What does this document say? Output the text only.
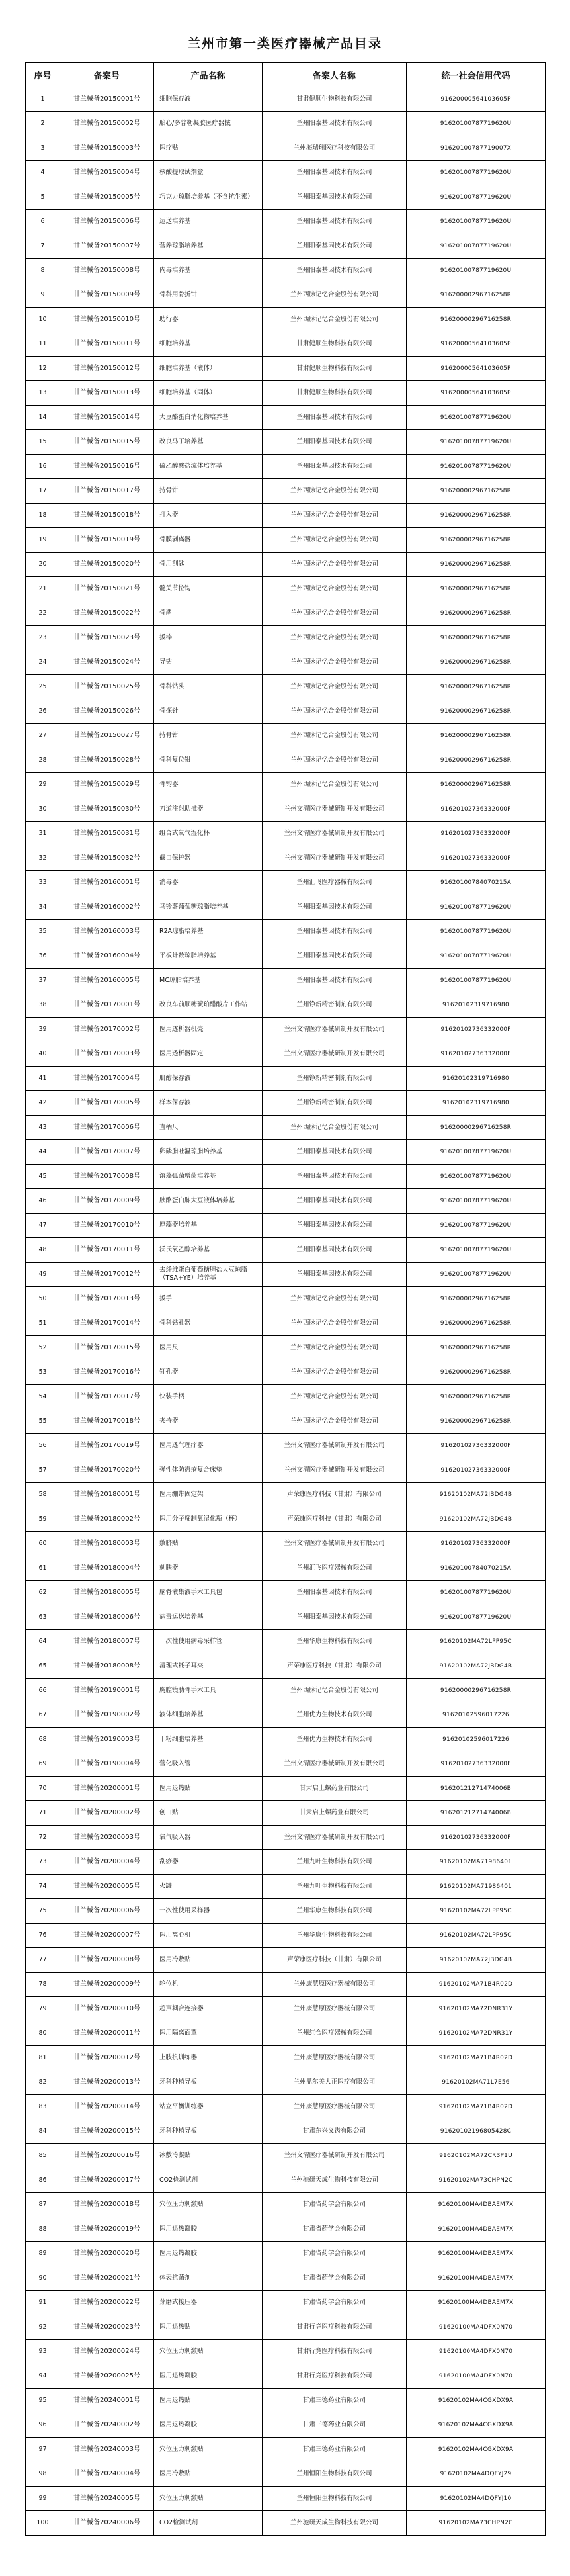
兰州市第一类医疗器械产品目录
序号	备案号	产品名称	备案人名称	统一社会信用代码
1	甘兰械备20150001号	细胞保存液	甘肃健顺生物科技有限公司	91620000564103605P
2	甘兰械备20150002号	胎心/多普勒凝胶医疗器械	兰州阳泰基因技术有限公司	91620100787719620U
3	甘兰械备20150003号	医疗贴	兰州海瑞瑞医疗科技有限公司	91620100787719007X
4	甘兰械备20150004号	核酸提取试剂盒	兰州阳泰基因技术有限公司	91620100787719620U
5	甘兰械备20150005号	巧克力琼脂培养基（不含抗生素）	兰州阳泰基因技术有限公司	91620100787719620U
6	甘兰械备20150006号	运送培养基	兰州阳泰基因技术有限公司	91620100787719620U
7	甘兰械备20150007号	营养琼脂培养基	兰州阳泰基因技术有限公司	91620100787719620U
8	甘兰械备20150008号	内毒培养基	兰州阳泰基因技术有限公司	91620100787719620U
9	甘兰械备20150009号	骨科用骨折钳	兰州西脉记忆合金股份有限公司	91620000296716258R
10	甘兰械备20150010号	助行器	兰州西脉记忆合金股份有限公司	91620000296716258R
11	甘兰械备20150011号	细胞培养基	甘肃健顺生物科技有限公司	91620000564103605P
12	甘兰械备20150012号	细胞培养基（液体）	甘肃健顺生物科技有限公司	91620000564103605P
13	甘兰械备20150013号	细胞培养基（固体）	甘肃健顺生物科技有限公司	91620000564103605P
14	甘兰械备20150014号	大豆酪蛋白消化物培养基	兰州阳泰基因技术有限公司	91620100787719620U
15	甘兰械备20150015号	改良马丁培养基	兰州阳泰基因技术有限公司	91620100787719620U
16	甘兰械备20150016号	硫乙醇酸盐流体培养基	兰州阳泰基因技术有限公司	91620100787719620U
17	甘兰械备20150017号	持骨钳	兰州西脉记忆合金股份有限公司	91620000296716258R
18	甘兰械备20150018号	打入器	兰州西脉记忆合金股份有限公司	91620000296716258R
19	甘兰械备20150019号	骨膜剥离器	兰州西脉记忆合金股份有限公司	91620000296716258R
20	甘兰械备20150020号	骨用刮匙	兰州西脉记忆合金股份有限公司	91620000296716258R
21	甘兰械备20150021号	髓关节拉钩	兰州西脉记忆合金股份有限公司	91620000296716258R
22	甘兰械备20150022号	骨凿	兰州西脉记忆合金股份有限公司	91620000296716258R
23	甘兰械备20150023号	扳棒	兰州西脉记忆合金股份有限公司	91620000296716258R
24	甘兰械备20150024号	导钻	兰州西脉记忆合金股份有限公司	91620000296716258R
25	甘兰械备20150025号	骨科钻头	兰州西脉记忆合金股份有限公司	91620000296716258R
26	甘兰械备20150026号	骨探针	兰州西脉记忆合金股份有限公司	91620000296716258R
27	甘兰械备20150027号	持骨钳	兰州西脉记忆合金股份有限公司	91620000296716258R
28	甘兰械备20150028号	骨科复位钳	兰州西脉记忆合金股份有限公司	91620000296716258R
29	甘兰械备20150029号	骨钩器	兰州西脉记忆合金股份有限公司	91620000296716258R
30	甘兰械备20150030号	刀道注射助推器	兰州文渭医疗器械研制开发有限公司	91620102736332000F
31	甘兰械备20150031号	组合式氧气湿化杯	兰州文渭医疗器械研制开发有限公司	91620102736332000F
32	甘兰械备20150032号	截口保护器	兰州文渭医疗器械研制开发有限公司	91620102736332000F
33	甘兰械备20160001号	消毒器	兰州汇飞医疗器械有限公司	91620100784070215A
34	甘兰械备20160002号	马铃薯葡萄糖琼脂培养基	兰州阳泰基因技术有限公司	91620100787719620U
35	甘兰械备20160003号	R2A琼脂培养基	兰州阳泰基因技术有限公司	91620100787719620U
36	甘兰械备20160004号	平板计数琼脂培养基	兰州阳泰基因技术有限公司	91620100787719620U
37	甘兰械备20160005号	MC琼脂培养基	兰州阳泰基因技术有限公司	91620100787719620U
38	甘兰械备20170001号	改良车前顺糖琥珀醋酸片工作站	兰州铮新精密制剂有限公司	91620102319716980
39	甘兰械备20170002号	医用透析器机壳	兰州文渭医疗器械研制开发有限公司	91620102736332000F
40	甘兰械备20170003号	医用透析器固定	兰州文渭医疗器械研制开发有限公司	91620102736332000F
41	甘兰械备20170004号	肌醇保存液	兰州铮新精密制剂有限公司	91620102319716980
42	甘兰械备20170005号	样本保存液	兰州铮新精密制剂有限公司	91620102319716980
43	甘兰械备20170006号	直柄尺	兰州西脉记忆合金股份有限公司	91620000296716258R
44	甘兰械备20170007号	卵磷脂吐温琼脂培养基	兰州阳泰基因技术有限公司	91620100787719620U
45	甘兰械备20170008号	溶藻弧菌增菌培养基	兰州阳泰基因技术有限公司	91620100787719620U
46	甘兰械备20170009号	胰酪蛋白胨大豆液体培养基	兰州阳泰基因技术有限公司	91620100787719620U
47	甘兰械备20170010号	厚藻器培养基	兰州阳泰基因技术有限公司	91620100787719620U
48	甘兰械备20170011号	沃氏氧乙醇培养基	兰州阳泰基因技术有限公司	91620100787719620U
49	甘兰械备20170012号	去纤维蛋白葡萄糖胆盐大豆琼脂（TSA+YE）培养基	兰州阳泰基因技术有限公司	91620100787719620U
50	甘兰械备20170013号	扳手	兰州西脉记忆合金股份有限公司	91620000296716258R
51	甘兰械备20170014号	骨科钻孔器	兰州西脉记忆合金股份有限公司	91620000296716258R
52	甘兰械备20170015号	医用尺	兰州西脉记忆合金股份有限公司	91620000296716258R
53	甘兰械备20170016号	钉孔器	兰州西脉记忆合金股份有限公司	91620000296716258R
54	甘兰械备20170017号	快装手柄	兰州西脉记忆合金股份有限公司	91620000296716258R
55	甘兰械备20170018号	夹持器	兰州西脉记忆合金股份有限公司	91620000296716258R
56	甘兰械备20170019号	医用透气理疗器	兰州文渭医疗器械研制开发有限公司	91620102736332000F
57	甘兰械备20170020号	弹性体防褥疮复合床垫	兰州文渭医疗器械研制开发有限公司	91620102736332000F
58	甘兰械备20180001号	医用绷带固定架	声荣康医疗科技（甘肃）有限公司	91620102MA72JBDG4B
59	甘兰械备20180002号	医用分子筛制氧湿化瓶（杯）	声荣康医疗科技（甘肃）有限公司	91620102MA72JBDG4B
60	甘兰械备20180003号	敷脐贴	兰州文渭医疗器械研制开发有限公司	91620102736332000F
61	甘兰械备20180004号	刺肤器	兰州汇飞医疗器械有限公司	91620100784070215A
62	甘兰械备20180005号	脑脊液集液手术工具包	兰州阳泰基因技术有限公司	91620100787719620U
63	甘兰械备20180006号	病毒运送培养基	兰州阳泰基因技术有限公司	91620100787719620U
64	甘兰械备20180007号	一次性使用病毒采样管	兰州华康生物科技有限公司	91620102MA72LPP95C
65	甘兰械备20180008号	清理式耗子耳夹	声荣康医疗科技（甘肃）有限公司	91620102MA72JBDG4B
66	甘兰械备20190001号	胸腔镜肋骨手术工具	兰州西脉记忆合金股份有限公司	91620000296716258R
67	甘兰械备20190002号	液体细胞培养基	兰州优力生物技术有限公司	91620102596017226
68	甘兰械备20190003号	干粉细胞培养基	兰州优力生物技术有限公司	91620102596017226
69	甘兰械备20190004号	营化吸入管	兰州文渭医疗器械研制开发有限公司	91620102736332000F
70	甘兰械备20200001号	医用退热贴	甘肃启上螺药业有限公司	91620121271474006B
71	甘兰械备20200002号	创口贴	甘肃启上螺药业有限公司	91620121271474006B
72	甘兰械备20200003号	氧气吸入器	兰州文渭医疗器械研制开发有限公司	91620102736332000F
73	甘兰械备20200004号	刮痧器	兰州九叶生物科技有限公司	91620102MA71986401
74	甘兰械备20200005号	火罐	兰州九叶生物科技有限公司	91620102MA71986401
75	甘兰械备20200006号	一次性使用采样器	兰州华康生物科技有限公司	91620102MA72LPP95C
76	甘兰械备20200007号	医用离心机	兰州华康生物科技有限公司	91620102MA72LPP95C
77	甘兰械备20200008号	医用冷敷贴	声荣康医疗科技（甘肃）有限公司	91620102MA72JBDG4B
78	甘兰械备20200009号	轮位机	兰州康慧原医疗器械有限公司	91620102MA71B4R02D
79	甘兰械备20200010号	超声耦合连接器	兰州康慧原医疗器械有限公司	91620102MA72DNR31Y
80	甘兰械备20200011号	医用隔离面罩	兰州红合医疗器械有限公司	91620102MA72DNR31Y
81	甘兰械备20200012号	上肢抗训练器	兰州康慧原医疗器械有限公司	91620102MA71B4R02D
82	甘兰械备20200013号	牙科种植导板	兰州鼎尔美大正医疗有限公司	91620102MA71L7E56
83	甘兰械备20200014号	站立平衡训练器	兰州康慧原医疗器械有限公司	91620102MA71B4R02D
84	甘兰械备20200015号	牙科种植导板	甘肃东兴义齿有限公司	91620102196805428C
85	甘兰械备20200016号	冰敷冷凝贴	兰州文渭医疗器械研制开发有限公司	91620102MA72CR3P1U
86	甘兰械备20200017号	CO2检测试剂	兰州驰研天成生物科技有限公司	91620102MA73CHPN2C
87	甘兰械备20200018号	穴位压力刺激贴	甘肃省药学会有限公司	91620100MA4DBAEM7X
88	甘兰械备20200019号	医用退热凝胶	甘肃省药学会有限公司	91620100MA4DBAEM7X
89	甘兰械备20200020号	医用退热凝胶	甘肃省药学会有限公司	91620100MA4DBAEM7X
90	甘兰械备20200021号	体表抗菌剂	甘肃省药学会有限公司	91620100MA4DBAEM7X
91	甘兰械备20200022号	芽磨式接压器	甘肃省药学会有限公司	91620100MA4DBAEM7X
92	甘兰械备20200023号	医用退热贴	甘肃行竞医疗科技有限公司	91620100MA4DFX0N70
93	甘兰械备20200024号	穴位压力刺激贴	甘肃行竞医疗科技有限公司	91620100MA4DFX0N70
94	甘兰械备20200025号	医用退热凝胶	甘肃行竞医疗科技有限公司	91620100MA4DFX0N70
95	甘兰械备20240001号	医用退热贴	甘肃三德药业有限公司	91620102MA4CGXDX9A
96	甘兰械备20240002号	医用退热凝胶	甘肃三德药业有限公司	91620102MA4CGXDX9A
97	甘兰械备20240003号	穴位压力刺激贴	甘肃三德药业有限公司	91620102MA4CGXDX9A
98	甘兰械备20240004号	医用冷敷贴	兰州恒阳生物科技有限公司	91620102MA4DQFYJ29
99	甘兰械备20240005号	穴位压力刺激贴	兰州恒阳生物科技有限公司	91620102MA4DQFYJ10
100	甘兰械备20240006号	CO2检测试剂	兰州驰研天成生物科技有限公司	91620102MA73CHPN2C
